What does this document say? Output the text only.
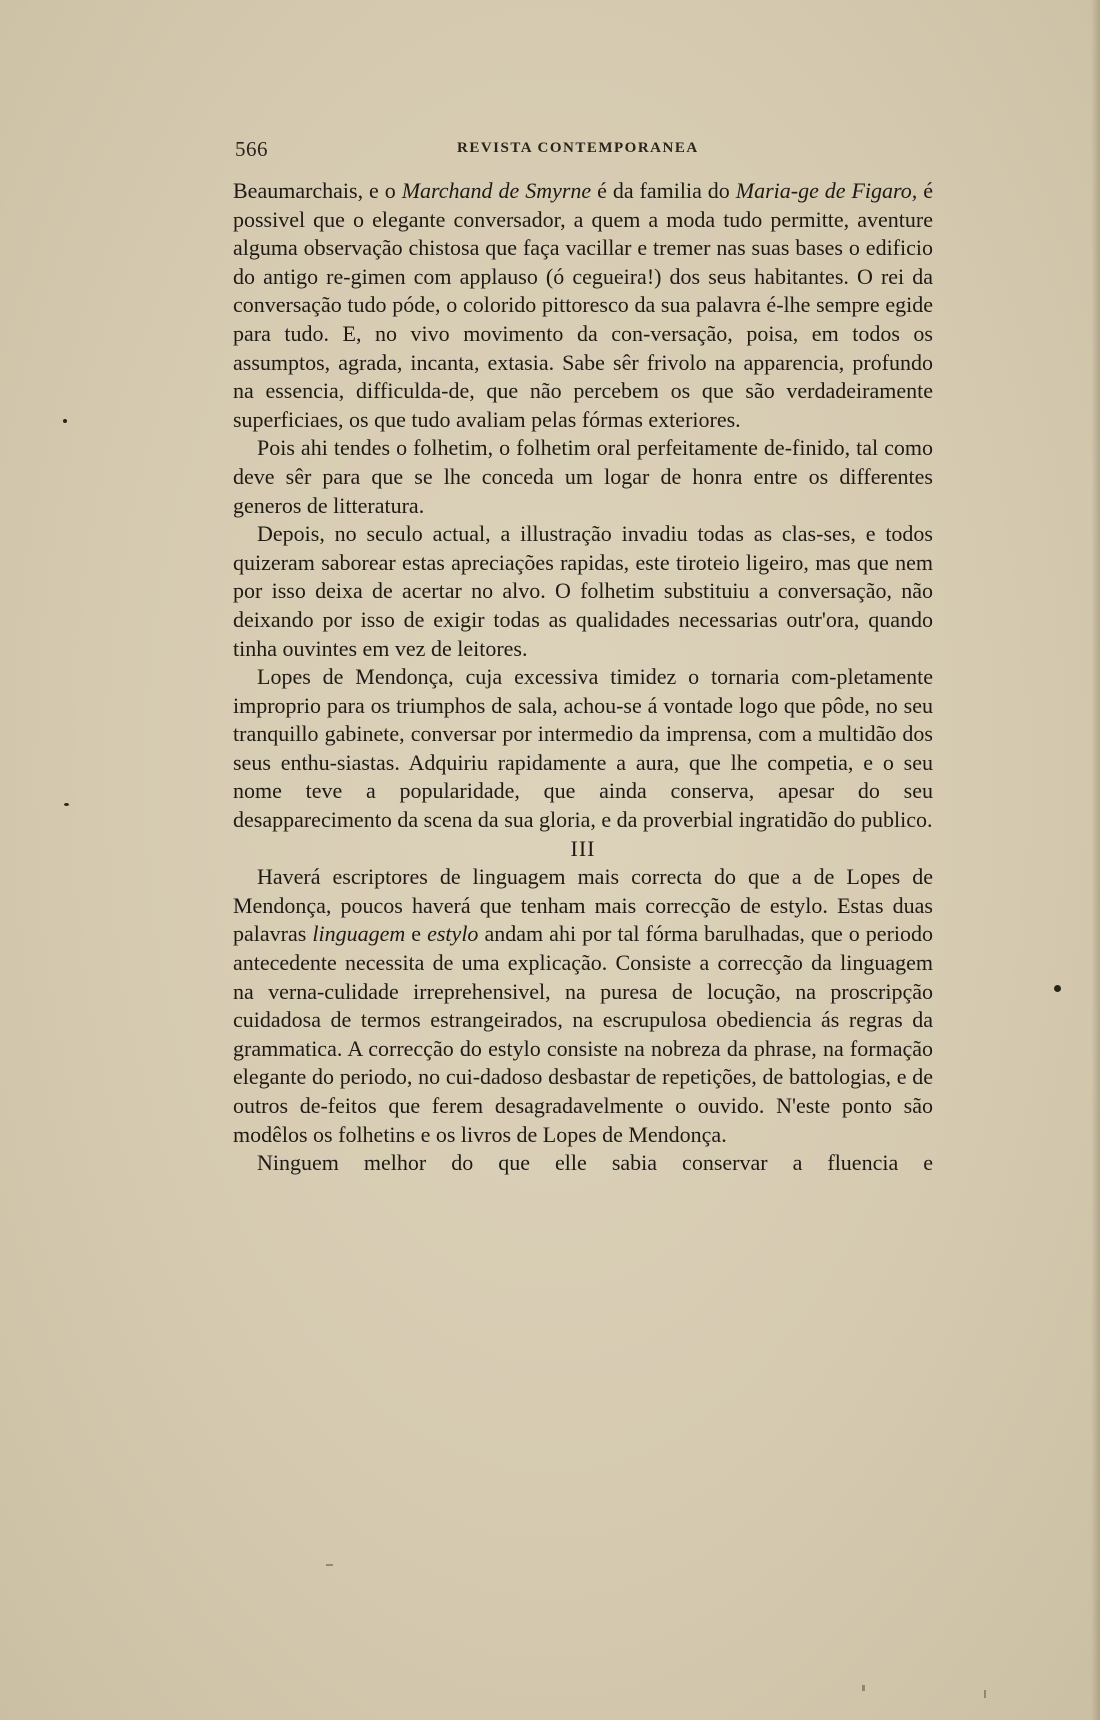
566	REVISTA CONTEMPORANEA

Beaumarchais, e o Marchand de Smyrne é da familia do Maria-ge de Figaro, é possivel que o elegante conversador, a quem a moda tudo permitte, aventure alguma observação chistosa que faça vacillar e tremer nas suas bases o edificio do antigo re-gimen com applauso (ó cegueira!) dos seus habitantes. O rei da conversação tudo póde, o colorido pittoresco da sua palavra é-lhe sempre egide para tudo. E, no vivo movimento da con-versação, poisa, em todos os assumptos, agrada, incanta, extasia. Sabe sêr frivolo na apparencia, profundo na essencia, difficulda-de, que não percebem os que são verdadeiramente superficiaes, os que tudo avaliam pelas fórmas exteriores.

Pois ahi tendes o folhetim, o folhetim oral perfeitamente de-finido, tal como deve sêr para que se lhe conceda um logar de honra entre os differentes generos de litteratura.

Depois, no seculo actual, a illustração invadiu todas as clas-ses, e todos quizeram saborear estas apreciações rapidas, este tiroteio ligeiro, mas que nem por isso deixa de acertar no alvo. O folhetim substituiu a conversação, não deixando por isso de exigir todas as qualidades necessarias outr'ora, quando tinha ouvintes em vez de leitores.

Lopes de Mendonça, cuja excessiva timidez o tornaria com-pletamente improprio para os triumphos de sala, achou-se á vontade logo que pôde, no seu tranquillo gabinete, conversar por intermedio da imprensa, com a multidão dos seus enthu-siastas. Adquiriu rapidamente a aura, que lhe competia, e o seu nome teve a popularidade, que ainda conserva, apesar do seu desapparecimento da scena da sua gloria, e da proverbial ingratidão do publico.

III

Haverá escriptores de linguagem mais correcta do que a de Lopes de Mendonça, poucos haverá que tenham mais correcção de estylo. Estas duas palavras linguagem e estylo andam ahi por tal fórma barulhadas, que o periodo antecedente necessita de uma explicação. Consiste a correcção da linguagem na verna-culidade irreprehensivel, na puresa de locução, na proscripção cuidadosa de termos estrangeirados, na escrupulosa obediencia ás regras da grammatica. A correcção do estylo consiste na nobreza da phrase, na formação elegante do periodo, no cui-dadoso desbastar de repetições, de battologias, e de outros de-feitos que ferem desagradavelmente o ouvido. N'este ponto são modêlos os folhetins e os livros de Lopes de Mendonça.

Ninguem melhor do que elle sabia conservar a fluencia e
